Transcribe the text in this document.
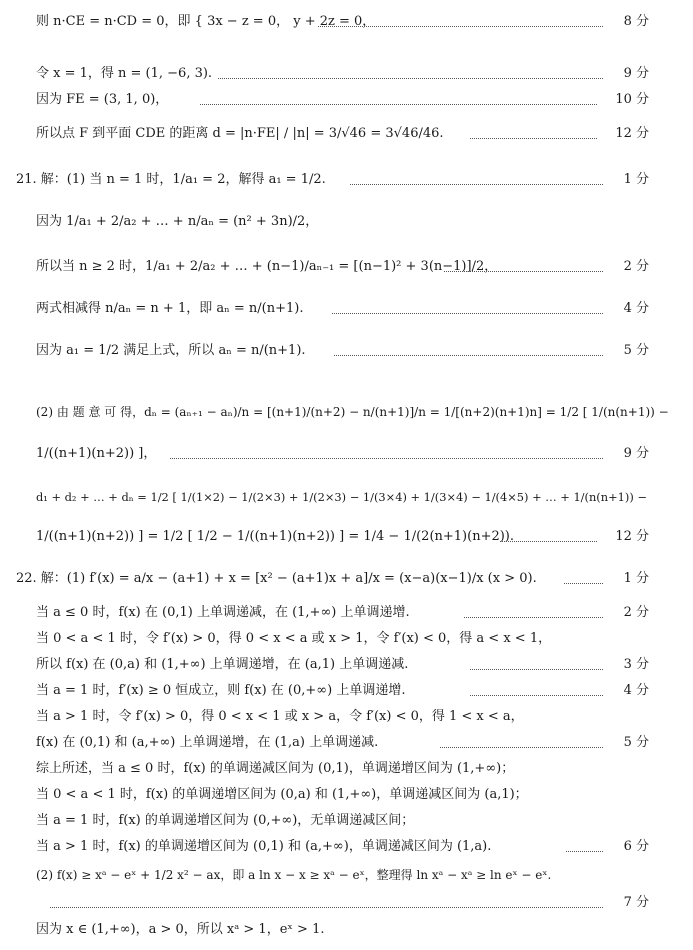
则 n·CE = n·CD = 0，即 { 3x − z = 0， y + 2z = 0，	8 分
令 x = 1，得 n = (1, −6, 3).	9 分
因为 FE = (3, 1, 0)，	10 分
所以点 F 到平面 CDE 的距离 d = |n·FE| / |n| = 3/√46 = 3√46/46.	12 分
21. 解：(1) 当 n = 1 时，1/a₁ = 2，解得 a₁ = 1/2.	1 分
因为 1/a₁ + 2/a₂ + … + n/aₙ = (n² + 3n)/2，
所以当 n ≥ 2 时，1/a₁ + 2/a₂ + … + (n−1)/aₙ₋₁ = [(n−1)² + 3(n−1)]/2，	2 分
两式相减得 n/aₙ = n + 1，即 aₙ = n/(n+1).	4 分
因为 a₁ = 1/2 满足上式，所以 aₙ = n/(n+1).	5 分
(2) 由 题 意 可 得，dₙ = (aₙ₊₁ − aₙ)/n = [(n+1)/(n+2) − n/(n+1)]/n = 1/[(n+2)(n+1)n] = 1/2 [ 1/(n(n+1)) −
1/((n+1)(n+2)) ]，	9 分
d₁ + d₂ + … + dₙ = 1/2 [ 1/(1×2) − 1/(2×3) + 1/(2×3) − 1/(3×4) + 1/(3×4) − 1/(4×5) + … + 1/(n(n+1)) −
1/((n+1)(n+2)) ] = 1/2 [ 1/2 − 1/((n+1)(n+2)) ] = 1/4 − 1/(2(n+1)(n+2)).	12 分
22. 解：(1) f′(x) = a/x − (a+1) + x = [x² − (a+1)x + a]/x = (x−a)(x−1)/x (x > 0).	1 分
当 a ≤ 0 时，f(x) 在 (0,1) 上单调递减，在 (1,+∞) 上单调递增.	2 分
当 0 < a < 1 时，令 f′(x) > 0，得 0 < x < a 或 x > 1，令 f′(x) < 0，得 a < x < 1，
所以 f(x) 在 (0,a) 和 (1,+∞) 上单调递增，在 (a,1) 上单调递减.	3 分
当 a = 1 时，f′(x) ≥ 0 恒成立，则 f(x) 在 (0,+∞) 上单调递增.	4 分
当 a > 1 时，令 f′(x) > 0，得 0 < x < 1 或 x > a，令 f′(x) < 0，得 1 < x < a，
f(x) 在 (0,1) 和 (a,+∞) 上单调递增，在 (1,a) 上单调递减.	5 分
综上所述，当 a ≤ 0 时，f(x) 的单调递减区间为 (0,1)，单调递增区间为 (1,+∞)；
当 0 < a < 1 时，f(x) 的单调递增区间为 (0,a) 和 (1,+∞)，单调递减区间为 (a,1)；
当 a = 1 时，f(x) 的单调递增区间为 (0,+∞)，无单调递减区间；
当 a > 1 时，f(x) 的单调递增区间为 (0,1) 和 (a,+∞)，单调递减区间为 (1,a).	6 分
(2) f(x) ≥ xᵃ − eˣ + 1/2 x² − ax，即 a ln x − x ≥ xᵃ − eˣ，整理得 ln xᵃ − xᵃ ≥ ln eˣ − eˣ.
7 分
因为 x ∈ (1,+∞)，a > 0，所以 xᵃ > 1，eˣ > 1.
